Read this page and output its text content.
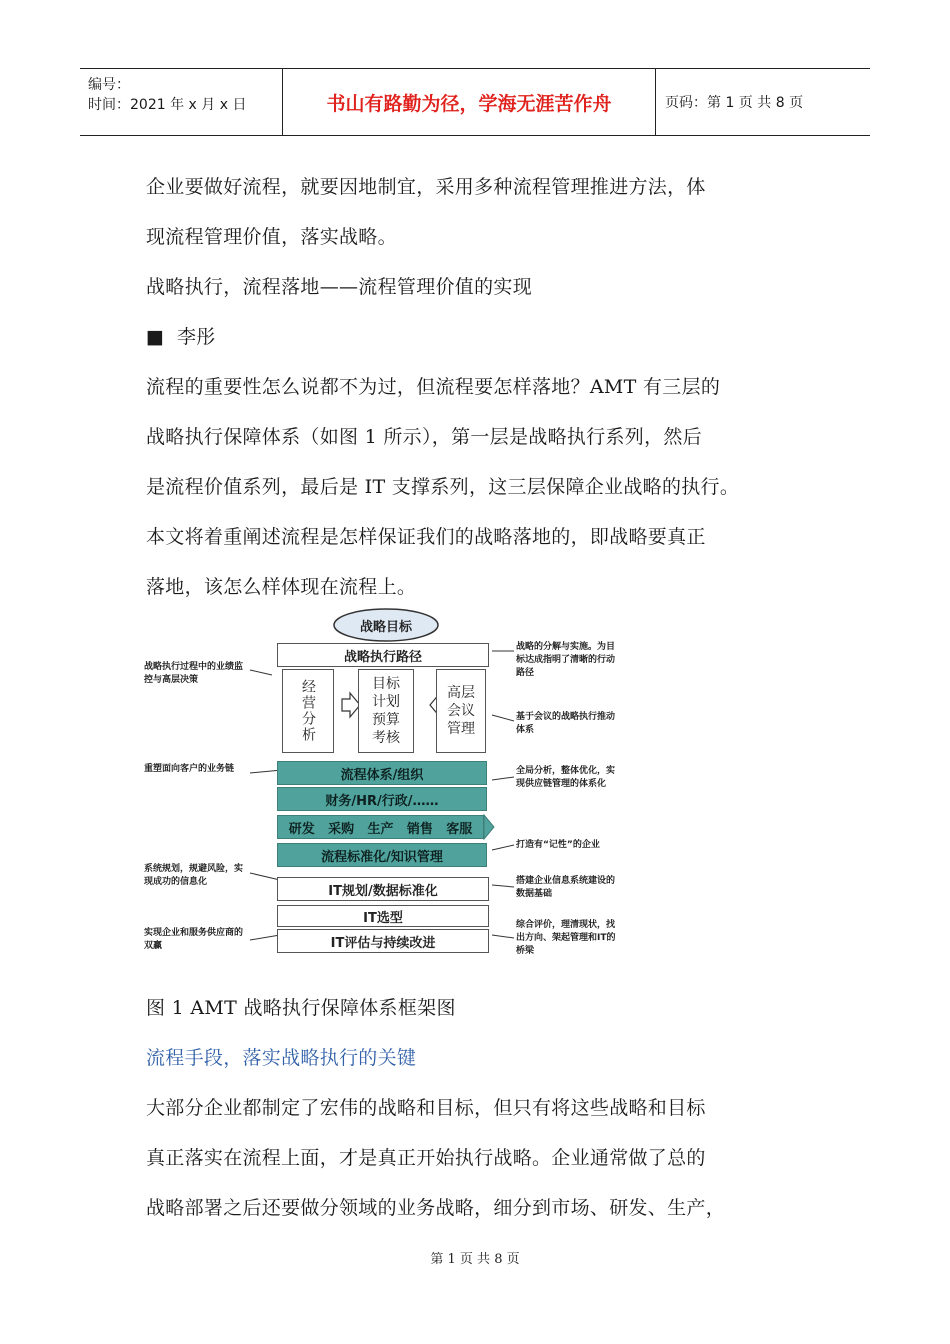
编号：
时间：2021 年 x 月 x 日	书山有路勤为径，学海无涯苦作舟	页码：第 1 页 共 8 页
企业要做好流程，就要因地制宜，采用多种流程管理推进方法，体
现流程管理价值，落实战略。
战略执行，流程落地——流程管理价值的实现
■ 李彤
流程的重要性怎么说都不为过，但流程要怎样落地？AMT 有三层的
战略执行保障体系（如图 1 所示），第一层是战略执行系列，然后
是流程价值系列，最后是 IT 支撑系列，这三层保障企业战略的执行。
本文将着重阐述流程是怎样保证我们的战略落地的，即战略要真正
落地，该怎么样体现在流程上。
战略目标
战略执行路径
经营分析	目标
计划
预算
考核
高层
会议
管理
流程体系/组织
财务/HR/行政/……
研发 采购 生产 销售 客服
流程标准化/知识管理
IT规划/数据标准化
IT选型
IT评估与持续改进
战略执行过程中的业绩监控与高层决策
重塑面向客户的业务链
系统规划，规避风险，实现成功的信息化
实现企业和服务供应商的双赢
战略的分解与实施。为目标达成指明了清晰的行动路径
基于会议的战略执行推动体系
全局分析，整体优化，实现供应链管理的体系化
打造有“记性”的企业
搭建企业信息系统建设的数据基础
综合评价，理清现状，找出方向、架起管理和IT的桥梁
图 1 AMT 战略执行保障体系框架图
流程手段，落实战略执行的关键
大部分企业都制定了宏伟的战略和目标，但只有将这些战略和目标
真正落实在流程上面，才是真正开始执行战略。企业通常做了总的
战略部署之后还要做分领域的业务战略，细分到市场、研发、生产，
第 1 页 共 8 页
